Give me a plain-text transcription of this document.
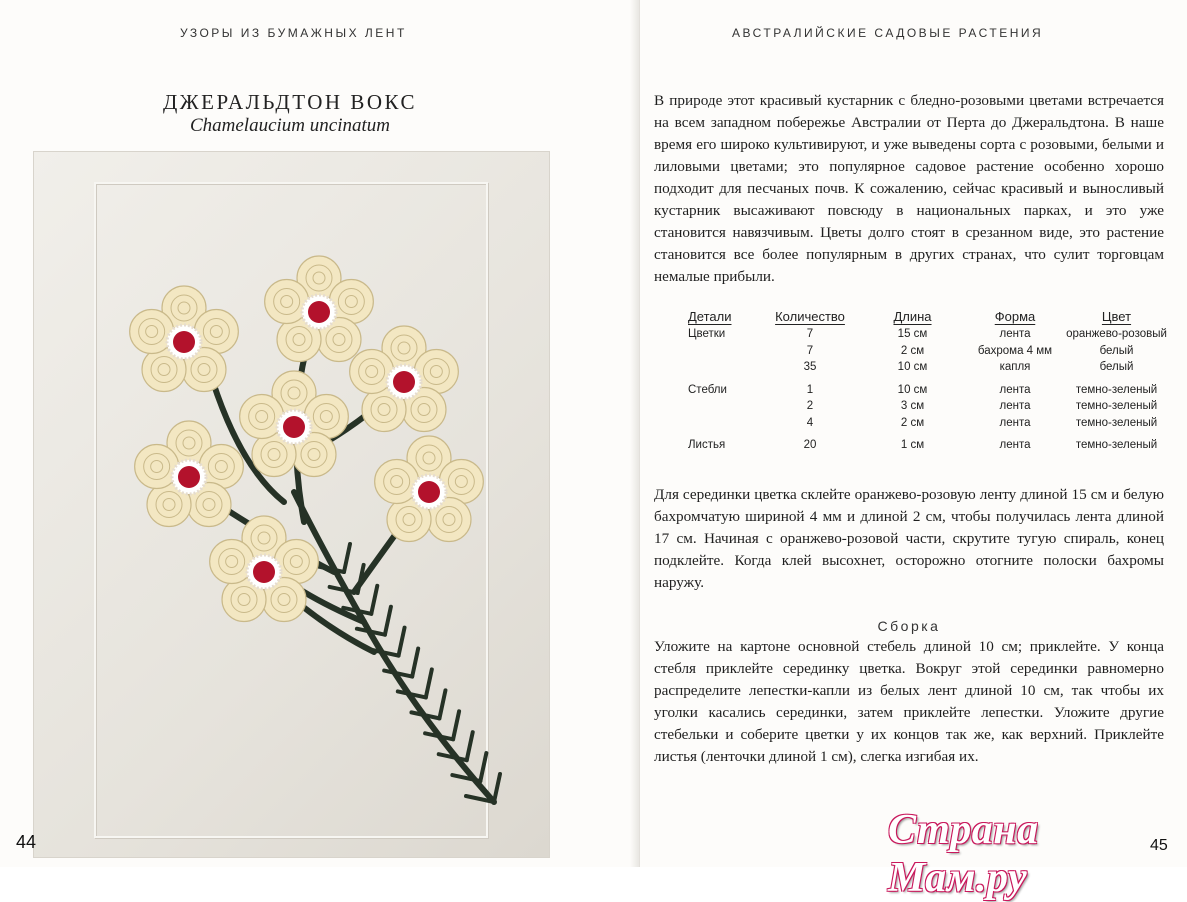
УЗОРЫ ИЗ БУМАЖНЫХ ЛЕНТ
ДЖЕРАЛЬДТОН ВОКС
Chamelaucium uncinatum
44
АВСТРАЛИЙСКИЕ САДОВЫЕ РАСТЕНИЯ
В природе этот красивый кустарник с бледно-розовыми цветами встречается на всем западном побережье Австралии от Перта до Джеральдтона. В наше время его широко культивируют, и уже выведены сорта с розовыми, белыми и лиловыми цветами; это популярное садовое растение особенно хорошо подходит для песчаных почв. К сожалению, сейчас красивый и выносливый кустарник высаживают повсюду в национальных парках, и это уже становится навязчивым. Цветы долго стоят в срезанном виде, это растение становится все более популярным в других странах, что сулит торговцам немалые прибыли.
Детали	Количество	Длина	Форма	Цвет
Цветки	7	15 см	лента	оранжево-розовый
	7	2 см	бахрома 4 мм	белый
	35	10 см	капля	белый
Стебли	1	10 см	лента	темно-зеленый
	2	3 см	лента	темно-зеленый
	4	2 см	лента	темно-зеленый
Листья	20	1 см	лента	темно-зеленый
Для серединки цветка склейте оранжево-розовую ленту длиной 15 см и белую бахромчатую шириной 4 мм и длиной 2 см, чтобы получилась лента длиной 17 см. Начиная с оранжево-розовой части, скрутите тугую спираль, конец подклейте. Когда клей высохнет, осторожно отогните полоски бахромы наружу.
Сборка
Уложите на картоне основной стебель длиной 10 см; приклейте. У конца стебля приклейте серединку цветка. Вокруг этой серединки равномерно распределите лепестки-капли из белых лент длиной 10 см, так чтобы их уголки касались серединки, затем приклейте лепестки. Уложите другие стебельки и соберите цветки у их концов так же, как верхний. Приклейте листья (ленточки длиной 1 см), слегка изгибая их.
45
Страна Мам.ру
